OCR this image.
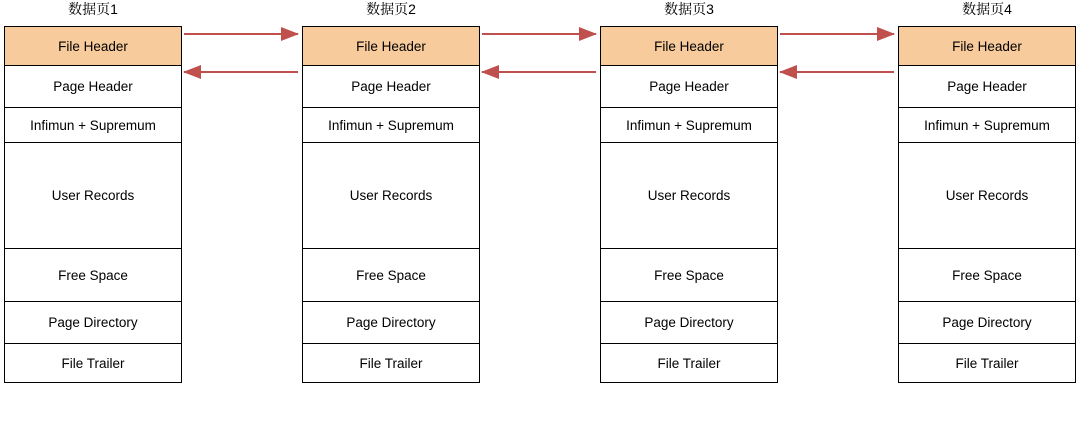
数据页1
File Header
Page Header
Infimun + Supremum
User Records
Free Space
Page Directory
File Trailer
数据页2
File Header
Page Header
Infimun + Supremum
User Records
Free Space
Page Directory
File Trailer
数据页3
File Header
Page Header
Infimun + Supremum
User Records
Free Space
Page Directory
File Trailer
数据页4
File Header
Page Header
Infimun + Supremum
User Records
Free Space
Page Directory
File Trailer
